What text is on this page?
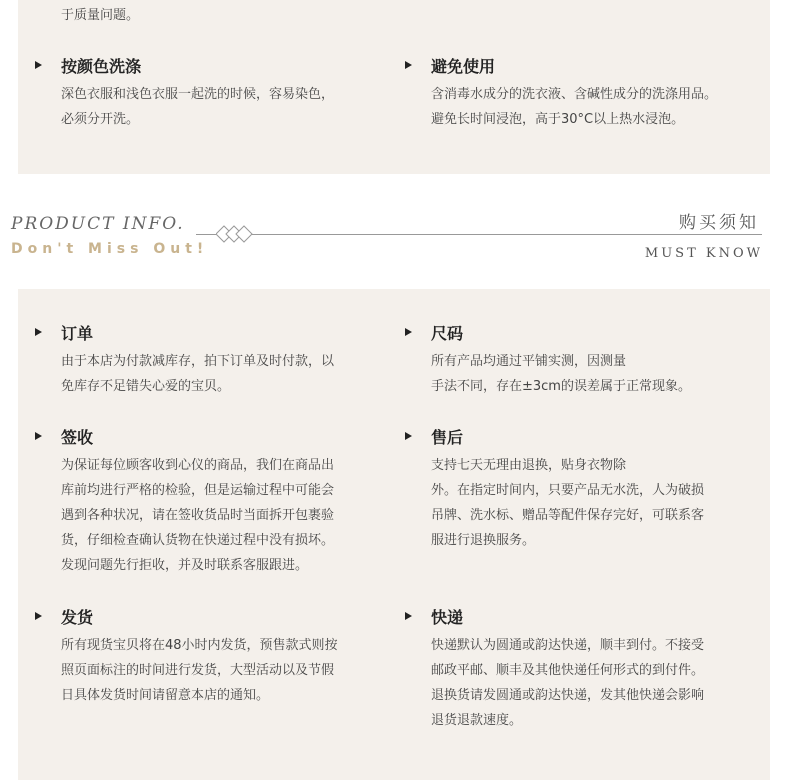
于质量问题。
按颜色洗涤
深色衣服和浅色衣服一起洗的时候，容易染色，
必须分开洗。
避免使用
含消毒水成分的洗衣液、含碱性成分的洗涤用品。
避免长时间浸泡，高于30°C以上热水浸泡。
PRODUCT INFO.
Don't Miss Out!
购买须知
MUST KNOW
订单
由于本店为付款减库存，拍下订单及时付款，以
免库存不足错失心爱的宝贝。
尺码
所有产品均通过平铺实测，因测量
手法不同，存在±3cm的误差属于正常现象。
签收
为保证每位顾客收到心仪的商品，我们在商品出
库前均进行严格的检验，但是运输过程中可能会
遇到各种状况，请在签收货品时当面拆开包裹验
货，仔细检查确认货物在快递过程中没有损坏。
发现问题先行拒收，并及时联系客服跟进。
售后
支持七天无理由退换，贴身衣物除
外。在指定时间内，只要产品无水洗，人为破损
吊牌、洗水标、赠品等配件保存完好，可联系客
服进行退换服务。
发货
所有现货宝贝将在48小时内发货，预售款式则按
照页面标注的时间进行发货，大型活动以及节假
日具体发货时间请留意本店的通知。
快递
快递默认为圆通或韵达快递，顺丰到付。不接受
邮政平邮、顺丰及其他快递任何形式的到付件。
退换货请发圆通或韵达快递，发其他快递会影响
退货退款速度。
